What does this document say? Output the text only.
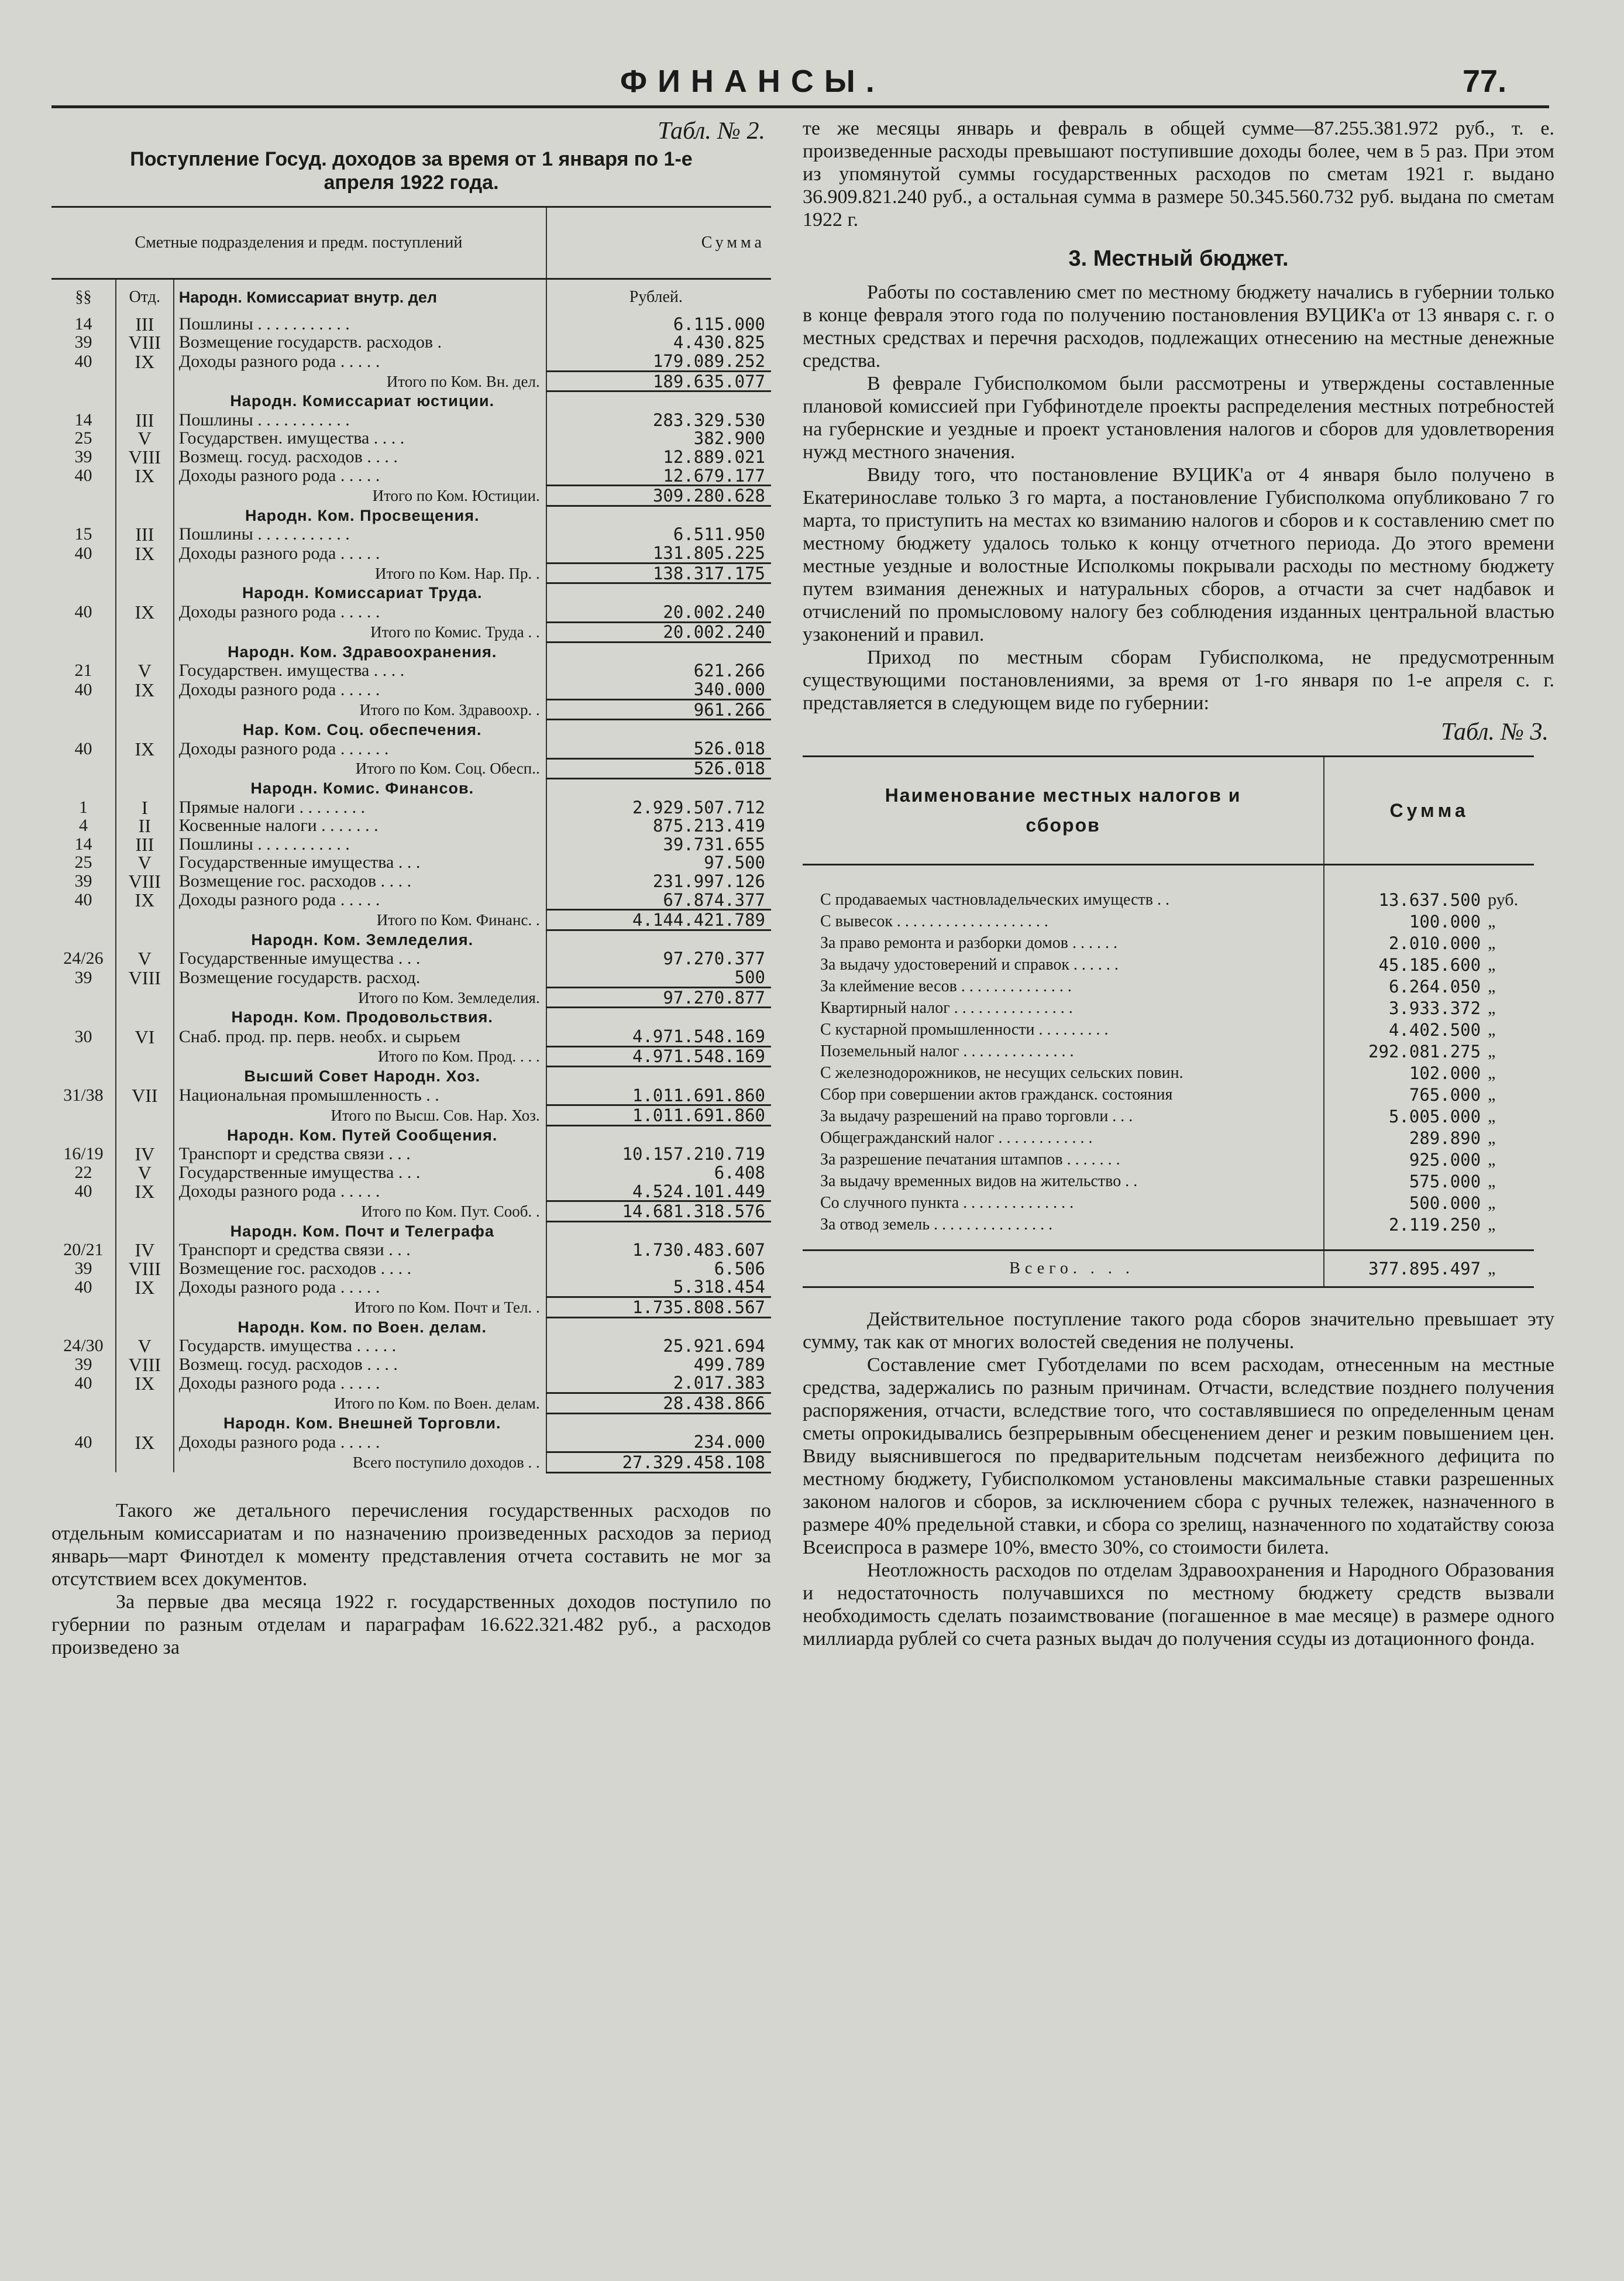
ФИНАНСЫ.	77.
Табл. № 2.
Поступление Госуд. доходов за время от 1 января по 1-е
апреля 1922 года.
Сметные подразделения и предм. поступлений			Сумма
§§	Отд.	Народн. Комиссариат внутр. дел	Рублей.
14	III	Пошлины . . . . . . . . . . .	6.115.000
39	VIII	Возмещение государств. расходов .	4.430.825
40	IX	Доходы разного рода . . . . .	179.089.252
		Итого по Ком. Вн. дел.	189.635.077
		Народн. Комиссариат юстиции.	
14	III	Пошлины . . . . . . . . . . .	283.329.530
25	V	Государствен. имущества . . . .	382.900
39	VIII	Возмещ. госуд. расходов . . . .	12.889.021
40	IX	Доходы разного рода . . . . .	12.679.177
		Итого по Ком. Юстиции.	309.280.628
		Народн. Ком. Просвещения.	
15	III	Пошлины . . . . . . . . . . .	6.511.950
40	IX	Доходы разного рода . . . . .	131.805.225
		Итого по Ком. Нар. Пр. .	138.317.175
		Народн. Комиссариат Труда.	
40	IX	Доходы разного рода . . . . .	20.002.240
		Итого по Комис. Труда . .	20.002.240
		Народн. Ком. Здравоохранения.	
21	V	Государствен. имущества . . . .	621.266
40	IX	Доходы разного рода . . . . .	340.000
		Итого по Ком. Здравоохр. .	961.266
		Нар. Ком. Соц. обеспечения.	
40	IX	Доходы разного рода . . . . . .	526.018
		Итого по Ком. Соц. Обесп..	526.018
		Народн. Комис. Финансов.	
1	I	Прямые налоги . . . . . . . .	2.929.507.712
4	II	Косвенные налоги . . . . . . .	875.213.419
14	III	Пошлины . . . . . . . . . . .	39.731.655
25	V	Государственные имущества . . .	97.500
39	VIII	Возмещение гос. расходов . . . .	231.997.126
40	IX	Доходы разного рода . . . . .	67.874.377
		Итого по Ком. Финанс. .	4.144.421.789
		Народн. Ком. Земледелия.	
24/26	V	Государственные имущества . . .	97.270.377
39	VIII	Возмещение государств. расход.	500
		Итого по Ком. Земледелия.	97.270.877
		Народн. Ком. Продовольствия.	
30	VI	Снаб. прод. пр. перв. необх. и сырьем	4.971.548.169
		Итого по Ком. Прод. . . .	4.971.548.169
		Высший Совет Народн. Хоз.	
31/38	VII	Национальная промышленность . .	1.011.691.860
		Итого по Высш. Сов. Нар. Хоз.	1.011.691.860
		Народн. Ком. Путей Сообщения.	
16/19	IV	Транспорт и средства связи . . .	10.157.210.719
22	V	Государственные имущества . . .	6.408
40	IX	Доходы разного рода . . . . .	4.524.101.449
		Итого по Ком. Пут. Сооб. .	14.681.318.576
		Народн. Ком. Почт и Телеграфа	
20/21	IV	Транспорт и средства связи . . .	1.730.483.607
39	VIII	Возмещение гос. расходов . . . .	6.506
40	IX	Доходы разного рода . . . . .	5.318.454
		Итого по Ком. Почт и Тел. .	1.735.808.567
		Народн. Ком. по Воен. делам.	
24/30	V	Государств. имущества . . . . .	25.921.694
39	VIII	Возмещ. госуд. расходов . . . .	499.789
40	IX	Доходы разного рода . . . . .	2.017.383
		Итого по Ком. по Воен. делам.	28.438.866
		Народн. Ком. Внешней Торговли.	
40	IX	Доходы разного рода . . . . .	234.000
		Всего поступило доходов . .	27.329.458.108

Такого же детального перечисления государственных расходов по отдельным комиссариатам и по назначению произведенных расходов за период январь—март Финотдел к моменту представления отчета составить не мог за отсутствием всех документов.

За первые два месяца 1922 г. государственных доходов поступило по губернии по разным отделам и параграфам 16.622.321.482 руб., а расходов произведено за

те же месяцы январь и февраль в общей сумме—87.255.381.972 руб., т. е. произведенные расходы превышают поступившие доходы более, чем в 5 раз. При этом из упомянутой суммы государственных расходов по сметам 1921 г. выдано 36.909.821.240 руб., а остальная сумма в размере 50.345.560.732 руб. выдана по сметам 1922 г.

3. Местный бюджет.

Работы по составлению смет по местному бюджету начались в губернии только в конце февраля этого года по получению постановления ВУЦИК'а от 13 января с. г. о местных средствах и перечня расходов, подлежащих отнесению на местные денежные средства.

В феврале Губисполкомом были рассмотрены и утверждены составленные плановой комиссией при Губфинотделе проекты распределения местных потребностей на губернские и уездные и проект установления налогов и сборов для удовлетворения нужд местного значения.

Ввиду того, что постановление ВУЦИК'а от 4 января было получено в Екатеринославе только 3 го марта, а постановление Губисполкома опубликовано 7 го марта, то приступить на местах ко взиманию налогов и сборов и к составлению смет по местному бюджету удалось только к концу отчетного периода. До этого времени местные уездные и волостные Исполкомы покрывали расходы по местному бюджету путем взимания денежных и натуральных сборов, а отчасти за счет надбавок и отчислений по промысловому налогу без соблюдения изданных центральной властью узаконений и правил.

Приход по местным сборам Губисполкома, не предусмотренным существующими постановлениями, за время от 1-го января по 1-е апреля с. г. представляется в следующем виде по губернии:

Табл. № 3.
Наименование местных налогов и
сборов	Сумма	
С продаваемых частновладельческих имуществ . .	13.637.500	руб.
С вывесок . . . . . . . . . . . . . . . . . . .	100.000	„
За право ремонта и разборки домов . . . . . .	2.010.000	„
За выдачу удостоверений и справок . . . . . .	45.185.600	„
За клеймение весов . . . . . . . . . . . . . .	6.264.050	„
Квартирный налог . . . . . . . . . . . . . . .	3.933.372	„
С кустарной промышленности . . . . . . . . .	4.402.500	„
Поземельный налог . . . . . . . . . . . . . .	292.081.275	„
С железнодорожников, не несущих сельских повин.	102.000	„
Сбор при совершении актов гражданск. состояния	765.000	„
За выдачу разрешений на право торговли . . .	5.005.000	„
Общегражданский налог . . . . . . . . . . . .	289.890	„
За разрешение печатания штампов . . . . . . .	925.000	„
За выдачу временных видов на жительство . .	575.000	„
Со случного пункта . . . . . . . . . . . . . .	500.000	„
За отвод земель . . . . . . . . . . . . . . .	2.119.250	„

Всего. . . .	377.895.497	„

Действительное поступление такого рода сборов значительно превышает эту сумму, так как от многих волостей сведения не получены.

Составление смет Губотделами по всем расходам, отнесенным на местные средства, задержались по разным причинам. Отчасти, вследствие позднего получения распоряжения, отчасти, вследствие того, что составлявшиеся по определенным ценам сметы опрокидывались безпрерывным обесценением денег и резким повышением цен. Ввиду выяснившегося по предварительным подсчетам неизбежного дефицита по местному бюджету, Губисполкомом установлены максимальные ставки разрешенных законом налогов и сборов, за исключением сбора с ручных тележек, назначенного в размере 40% предельной ставки, и сбора со зрелищ, назначенного по ходатайству союза Всеиспроса в размере 10%, вместо 30%, со стоимости билета.

Неотложность расходов по отделам Здравоохранения и Народного Образования и недостаточность получавшихся по местному бюджету средств вызвали необходимость сделать позаимствование (погашенное в мае месяце) в размере одного миллиарда рублей со счета разных выдач до получения ссуды из дотационного фонда.
